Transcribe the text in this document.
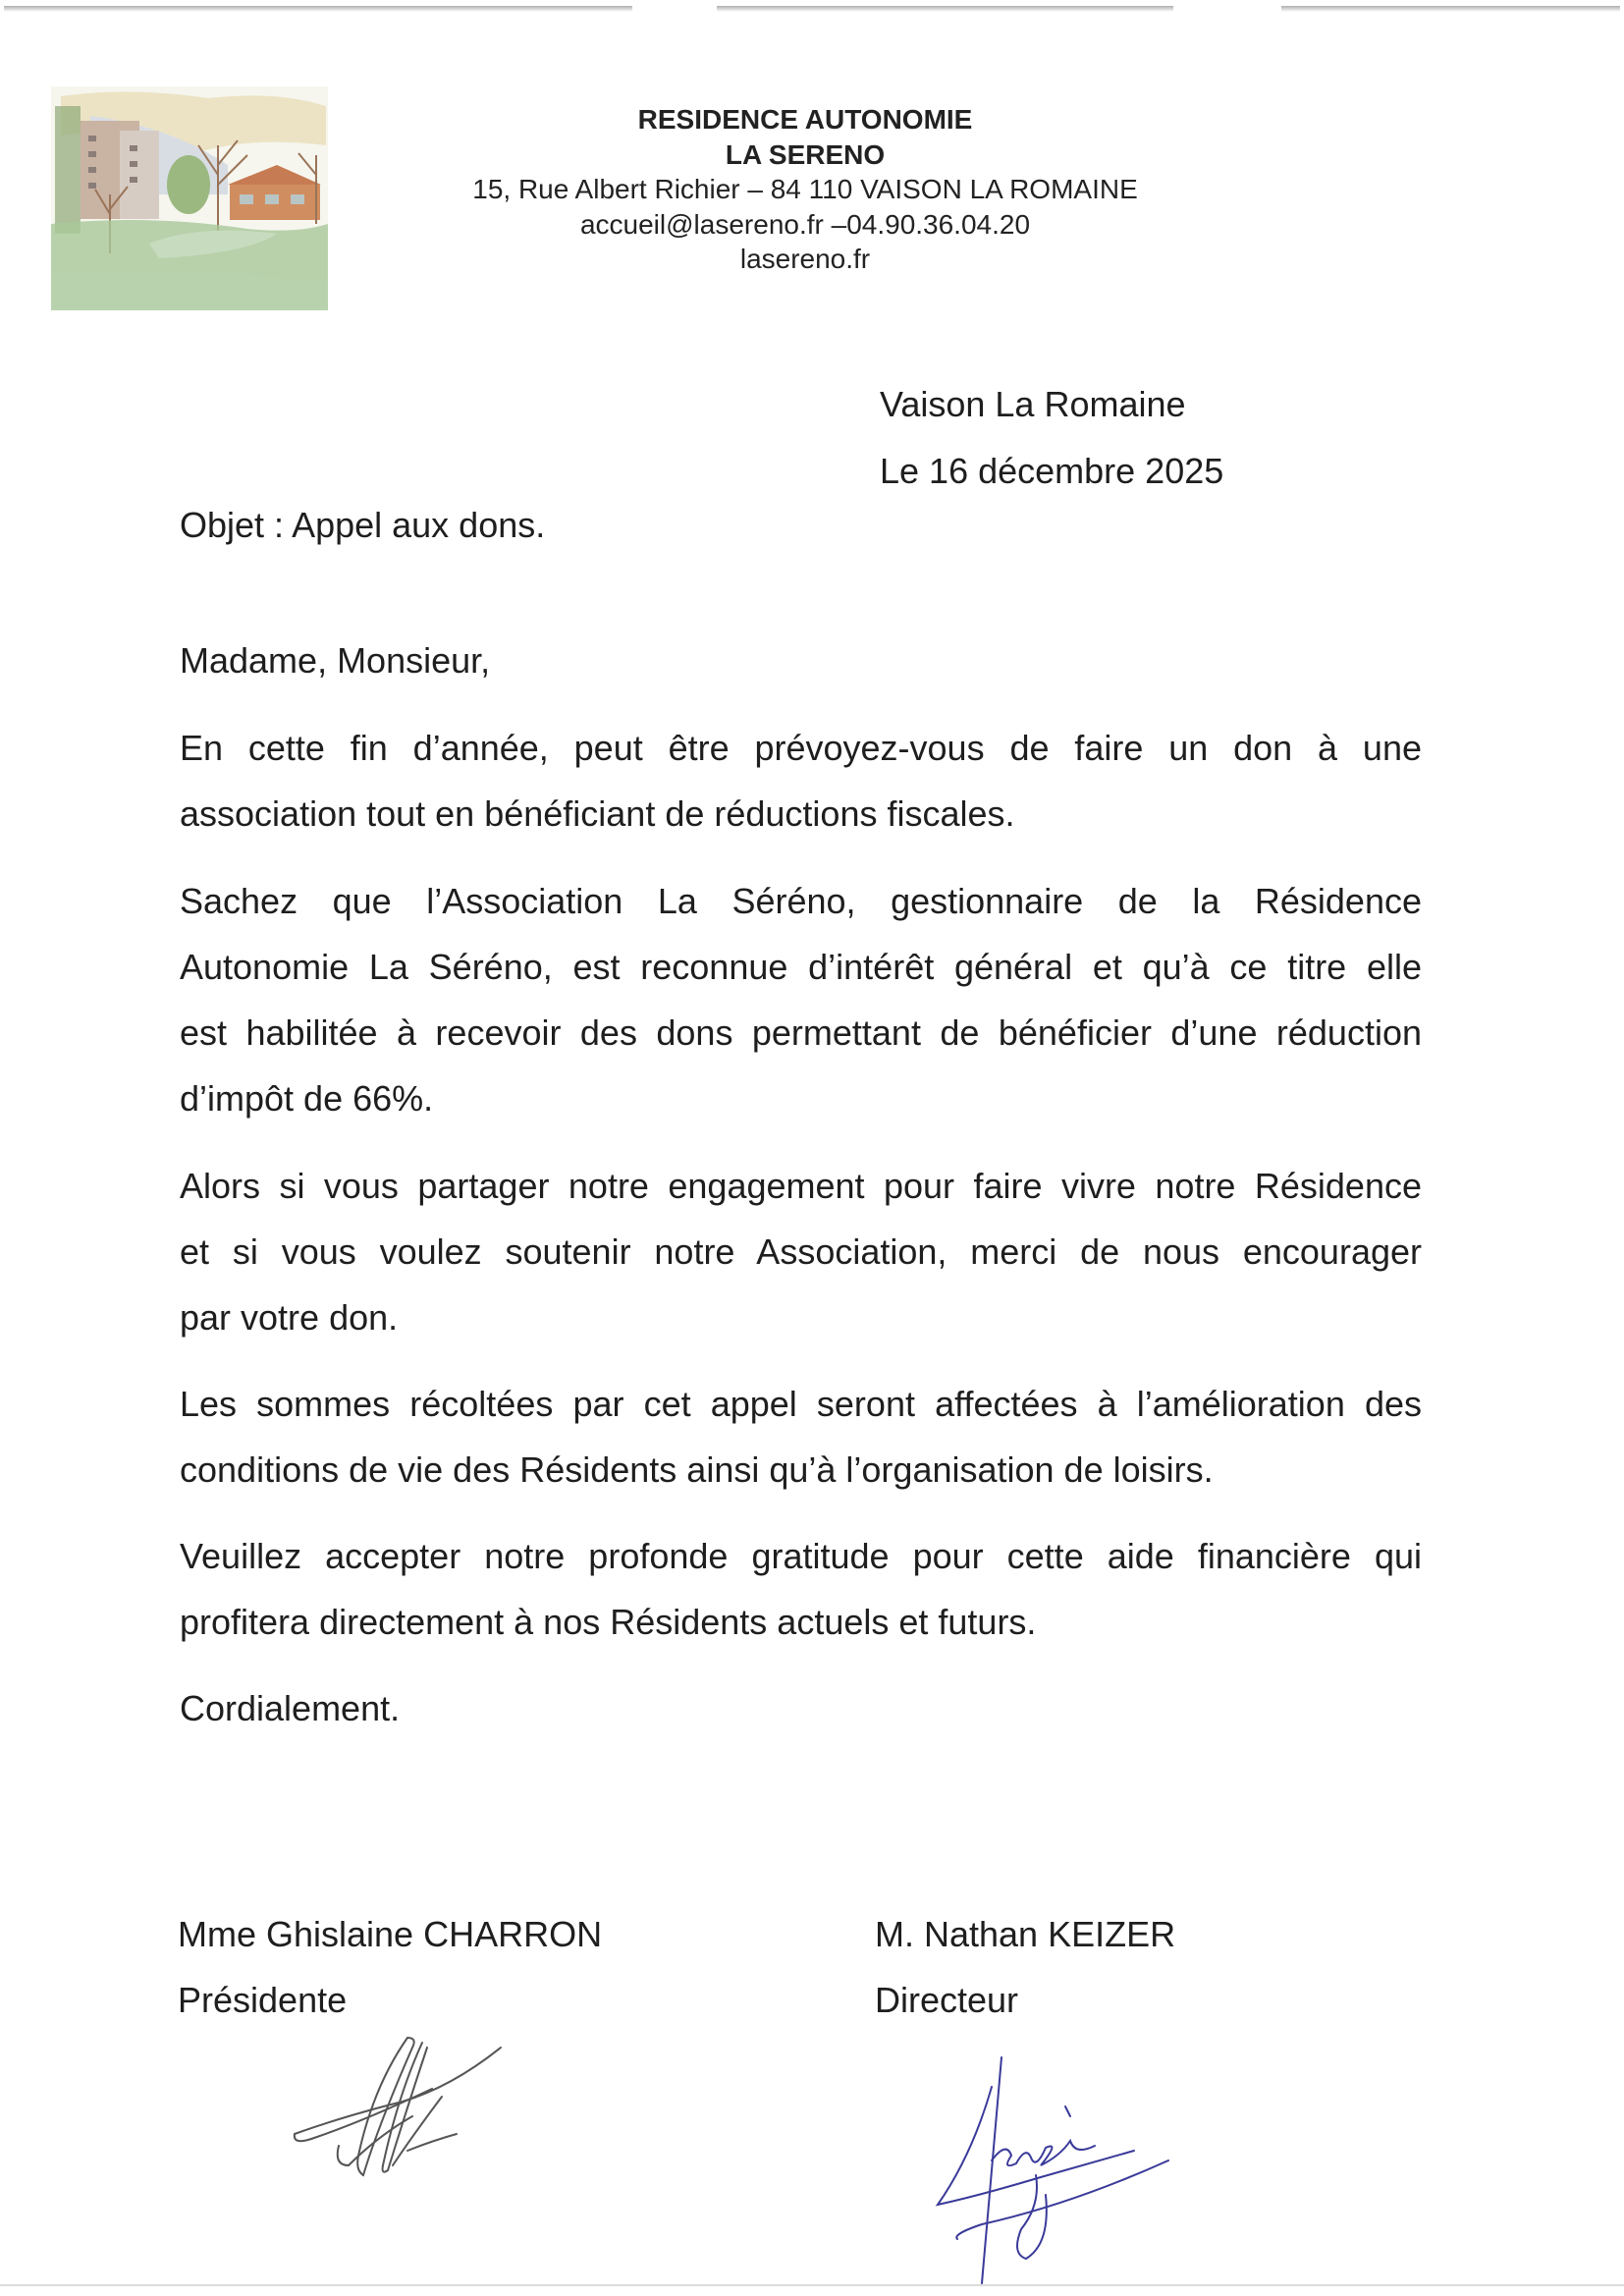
RESIDENCE AUTONOMIE
LA SERENO
15, Rue Albert Richier – 84 110 VAISON LA ROMAINE
accueil@lasereno.fr –04.90.36.04.20
lasereno.fr
Vaison La Romaine
Le 16 décembre 2025
Objet : Appel aux dons.
Madame, Monsieur,
En cette fin d’année, peut être prévoyez-vous de faire un don à une
association tout en bénéficiant de réductions fiscales.
Sachez que l’Association La Séréno, gestionnaire de la Résidence
Autonomie La Séréno, est reconnue d’intérêt général et qu’à ce titre elle
est habilitée à recevoir des dons permettant de bénéficier d’une réduction
d’impôt de 66%.
Alors si vous partager notre engagement pour faire vivre notre Résidence
et si vous voulez soutenir notre Association, merci de nous encourager
par votre don.
Les sommes récoltées par cet appel seront affectées à l’amélioration des
conditions de vie des Résidents ainsi qu’à l’organisation de loisirs.
Veuillez accepter notre profonde gratitude pour cette aide financière qui
profitera directement à nos Résidents actuels et futurs.
Cordialement.
Mme Ghislaine CHARRON
Présidente
M. Nathan KEIZER
Directeur
